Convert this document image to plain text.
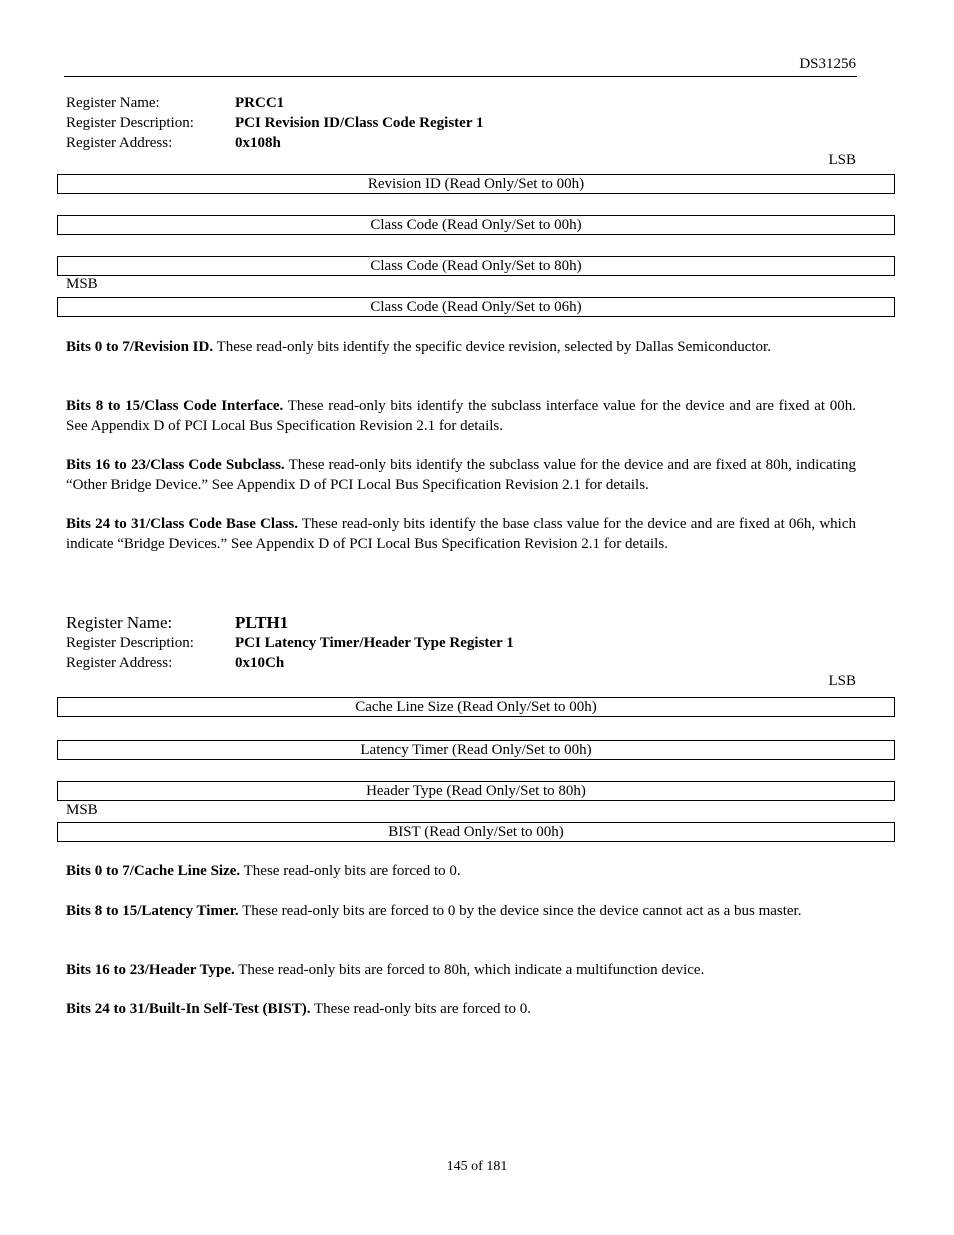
DS31256
Register Name:	PRCC1
Register Description:	PCI Revision ID/Class Code Register 1
Register Address:	0x108h
LSB
Revision ID (Read Only/Set to 00h)
Class Code (Read Only/Set to 00h)
Class Code (Read Only/Set to 80h)
MSB
Class Code (Read Only/Set to 06h)
Bits 0 to 7/Revision ID. These read-only bits identify the specific device revision, selected by Dallas Semiconductor.
Bits 8 to 15/Class Code Interface. These read-only bits identify the subclass interface value for the device and are fixed at 00h. See Appendix D of PCI Local Bus Specification Revision 2.1 for details.
Bits 16 to 23/Class Code Subclass. These read-only bits identify the subclass value for the device and are fixed at 80h, indicating “Other Bridge Device.” See Appendix D of PCI Local Bus Specification Revision 2.1 for details.
Bits 24 to 31/Class Code Base Class. These read-only bits identify the base class value for the device and are fixed at 06h, which indicate “Bridge Devices.” See Appendix D of PCI Local Bus Specification Revision 2.1 for details.
Register Name:	PLTH1
Register Description:	PCI Latency Timer/Header Type Register 1
Register Address:	0x10Ch
LSB
Cache Line Size (Read Only/Set to 00h)
Latency Timer (Read Only/Set to 00h)
Header Type (Read Only/Set to 80h)
MSB
BIST (Read Only/Set to 00h)
Bits 0 to 7/Cache Line Size. These read-only bits are forced to 0.
Bits 8 to 15/Latency Timer. These read-only bits are forced to 0 by the device since the device cannot act as a bus master.
Bits 16 to 23/Header Type. These read-only bits are forced to 80h, which indicate a multifunction device.
Bits 24 to 31/Built-In Self-Test (BIST). These read-only bits are forced to 0.
145 of 181
